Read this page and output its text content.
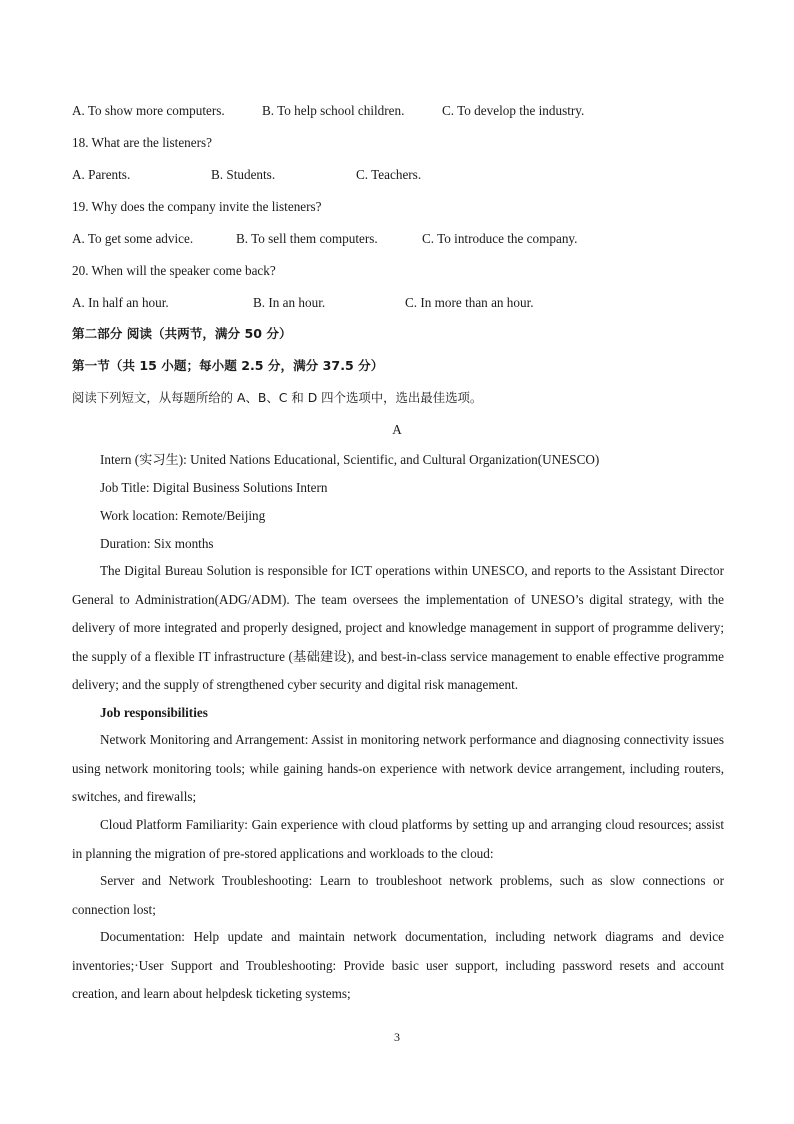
A. To show more computers.	B. To help school children.	C. To develop the industry.
18. What are the listeners?
A. Parents.	B. Students.	C. Teachers.
19. Why does the company invite the listeners?
A. To get some advice.	B. To sell them computers.	C. To introduce the company.
20. When will the speaker come back?
A. In half an hour.	B. In an hour.	C. In more than an hour.
第二部分 阅读（共两节，满分 50 分）
第一节（共 15 小题；每小题 2.5 分，满分 37.5 分）
阅读下列短文，从每题所给的 A、B、C 和 D 四个选项中，选出最佳选项。
A
Intern (实习生): United Nations Educational, Scientific, and Cultural Organization(UNESCO)
Job Title: Digital Business Solutions Intern
Work location: Remote/Beijing
Duration: Six months

The Digital Bureau Solution is responsible for ICT operations within UNESCO, and reports to the Assistant Director General to Administration(ADG/ADM). The team oversees the implementation of UNESO’s digital strategy, with the delivery of more integrated and properly designed, project and knowledge management in support of programme delivery; the supply of a flexible IT infrastructure (基础建设), and best-in-class service management to enable effective programme delivery; and the supply of strengthened cyber security and digital risk management.

Job responsibilities

Network Monitoring and Arrangement: Assist in monitoring network performance and diagnosing connectivity issues using network monitoring tools; while gaining hands-on experience with network device arrangement, including routers, switches, and firewalls;

Cloud Platform Familiarity: Gain experience with cloud platforms by setting up and arranging cloud resources; assist in planning the migration of pre-stored applications and workloads to the cloud:

Server and Network Troubleshooting: Learn to troubleshoot network problems, such as slow connections or connection lost;

Documentation: Help update and maintain network documentation, including network diagrams and device inventories;·User Support and Troubleshooting: Provide basic user support, including password resets and account creation, and learn about helpdesk ticketing systems;

3
